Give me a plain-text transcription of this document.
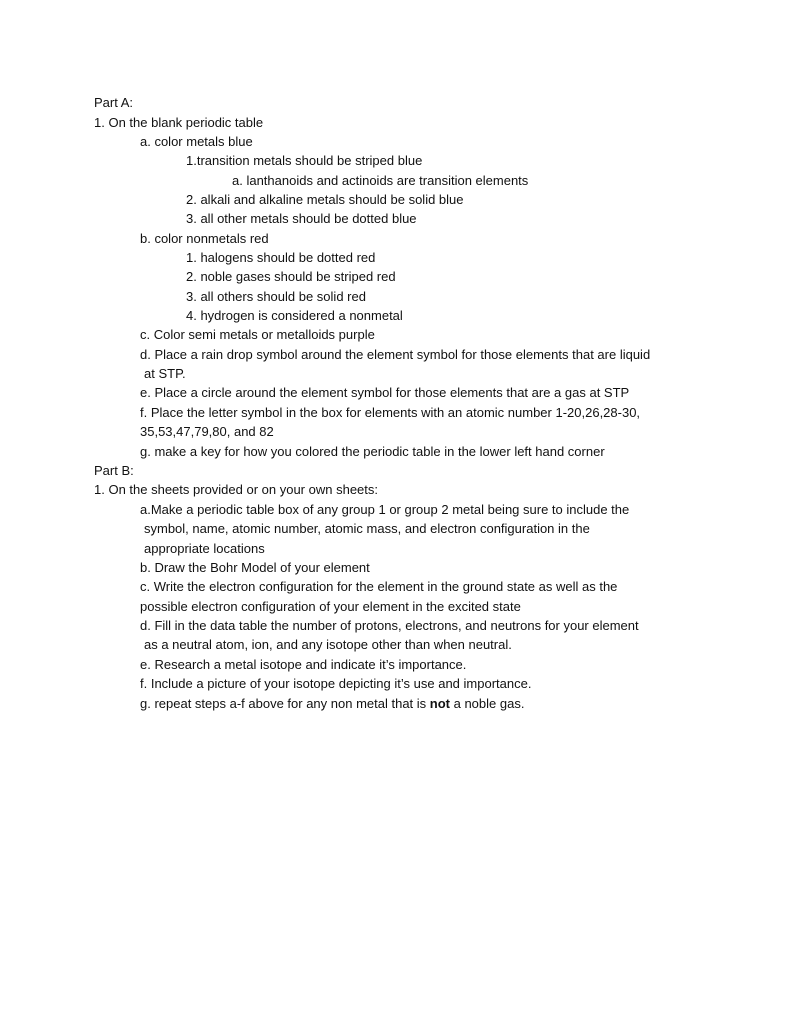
Part A:
1. On the blank periodic table
a. color metals blue
1.transition metals should be striped blue
a. lanthanoids and actinoids are transition elements
2. alkali and alkaline metals should be solid blue
3. all other metals should be dotted blue
b. color nonmetals red
1. halogens should be dotted red
2. noble gases should be striped red
3. all others should be solid red
4. hydrogen is considered a nonmetal
c. Color semi metals or metalloids purple
d. Place a rain drop symbol around the element symbol for those elements that are liquid
at STP.
e. Place a circle around the element symbol for those elements that are a gas at STP
f. Place the letter symbol in the box for elements with an atomic number 1-20,26,28-30,
35,53,47,79,80, and 82
g. make a key for how you colored the periodic table in the lower left hand corner
Part B:
1. On the sheets provided or on your own sheets:
a.Make a periodic table box of any group 1 or group 2 metal being sure to include the
symbol, name, atomic number, atomic mass, and electron configuration in the
appropriate locations
b. Draw the Bohr Model of your element
c. Write the electron configuration for the element in the ground state as well as the
possible electron configuration of your element in the excited state
d. Fill in the data table the number of protons, electrons, and neutrons for your element
as a neutral atom, ion, and any isotope other than when neutral.
e. Research a metal isotope and indicate it’s importance.
f. Include a picture of your isotope depicting it’s use and importance.
g. repeat steps a-f above for any non metal that is not a noble gas.
